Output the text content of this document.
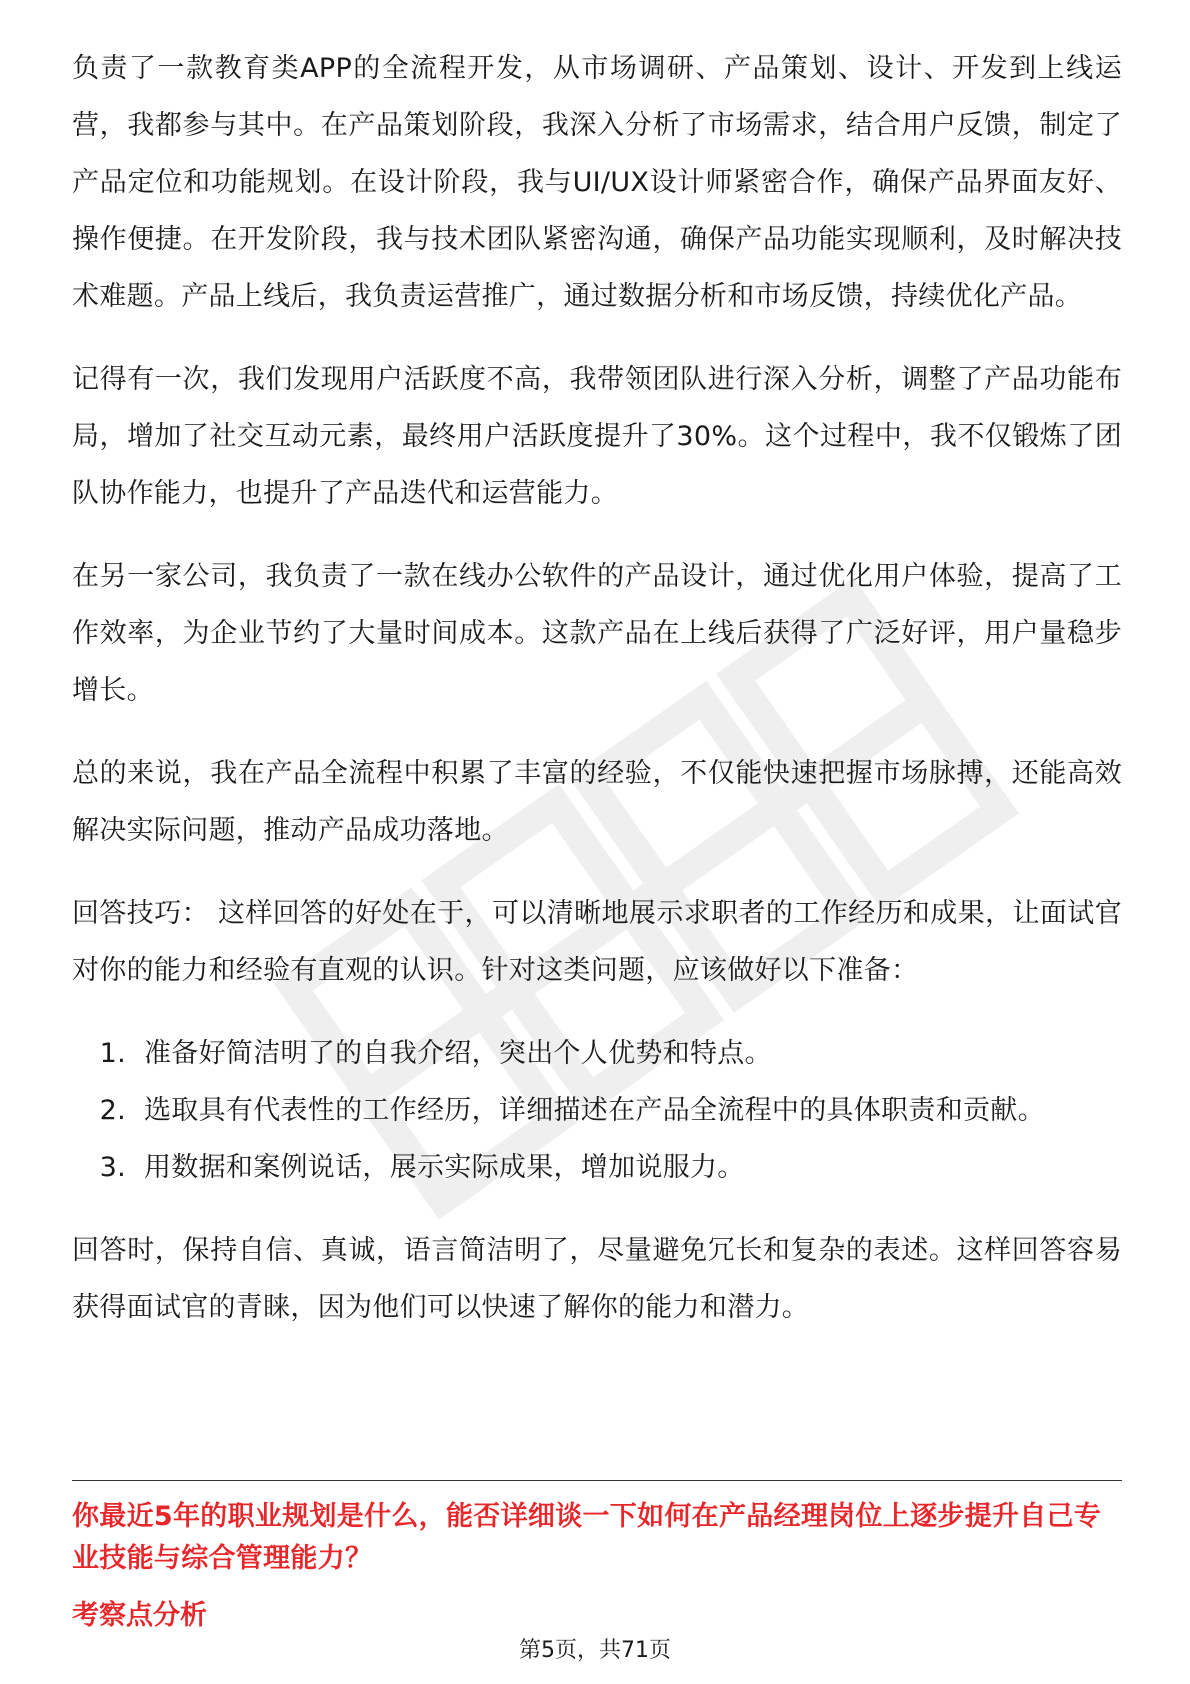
负责了一款教育类APP的全流程开发，从市场调研、产品策划、设计、开发到上线运营，我都参与其中。在产品策划阶段，我深入分析了市场需求，结合用户反馈，制定了产品定位和功能规划。在设计阶段，我与UI/UX设计师紧密合作，确保产品界面友好、操作便捷。在开发阶段，我与技术团队紧密沟通，确保产品功能实现顺利，及时解决技术难题。产品上线后，我负责运营推广，通过数据分析和市场反馈，持续优化产品。

记得有一次，我们发现用户活跃度不高，我带领团队进行深入分析，调整了产品功能布局，增加了社交互动元素，最终用户活跃度提升了30%。这个过程中，我不仅锻炼了团队协作能力，也提升了产品迭代和运营能力。

在另一家公司，我负责了一款在线办公软件的产品设计，通过优化用户体验，提高了工作效率，为企业节约了大量时间成本。这款产品在上线后获得了广泛好评，用户量稳步增长。

总的来说，我在产品全流程中积累了丰富的经验，不仅能快速把握市场脉搏，还能高效解决实际问题，推动产品成功落地。

回答技巧： 这样回答的好处在于，可以清晰地展示求职者的工作经历和成果，让面试官对你的能力和经验有直观的认识。针对这类问题，应该做好以下准备：

1. 准备好简洁明了的自我介绍，突出个人优势和特点。
2. 选取具有代表性的工作经历，详细描述在产品全流程中的具体职责和贡献。
3. 用数据和案例说话，展示实际成果，增加说服力。

回答时，保持自信、真诚，语言简洁明了，尽量避免冗长和复杂的表述。这样回答容易获得面试官的青睐，因为他们可以快速了解你的能力和潜力。

你最近5年的职业规划是什么，能否详细谈一下如何在产品经理岗位上逐步提升自己专业技能与综合管理能力？
考察点分析
第5页，共71页
